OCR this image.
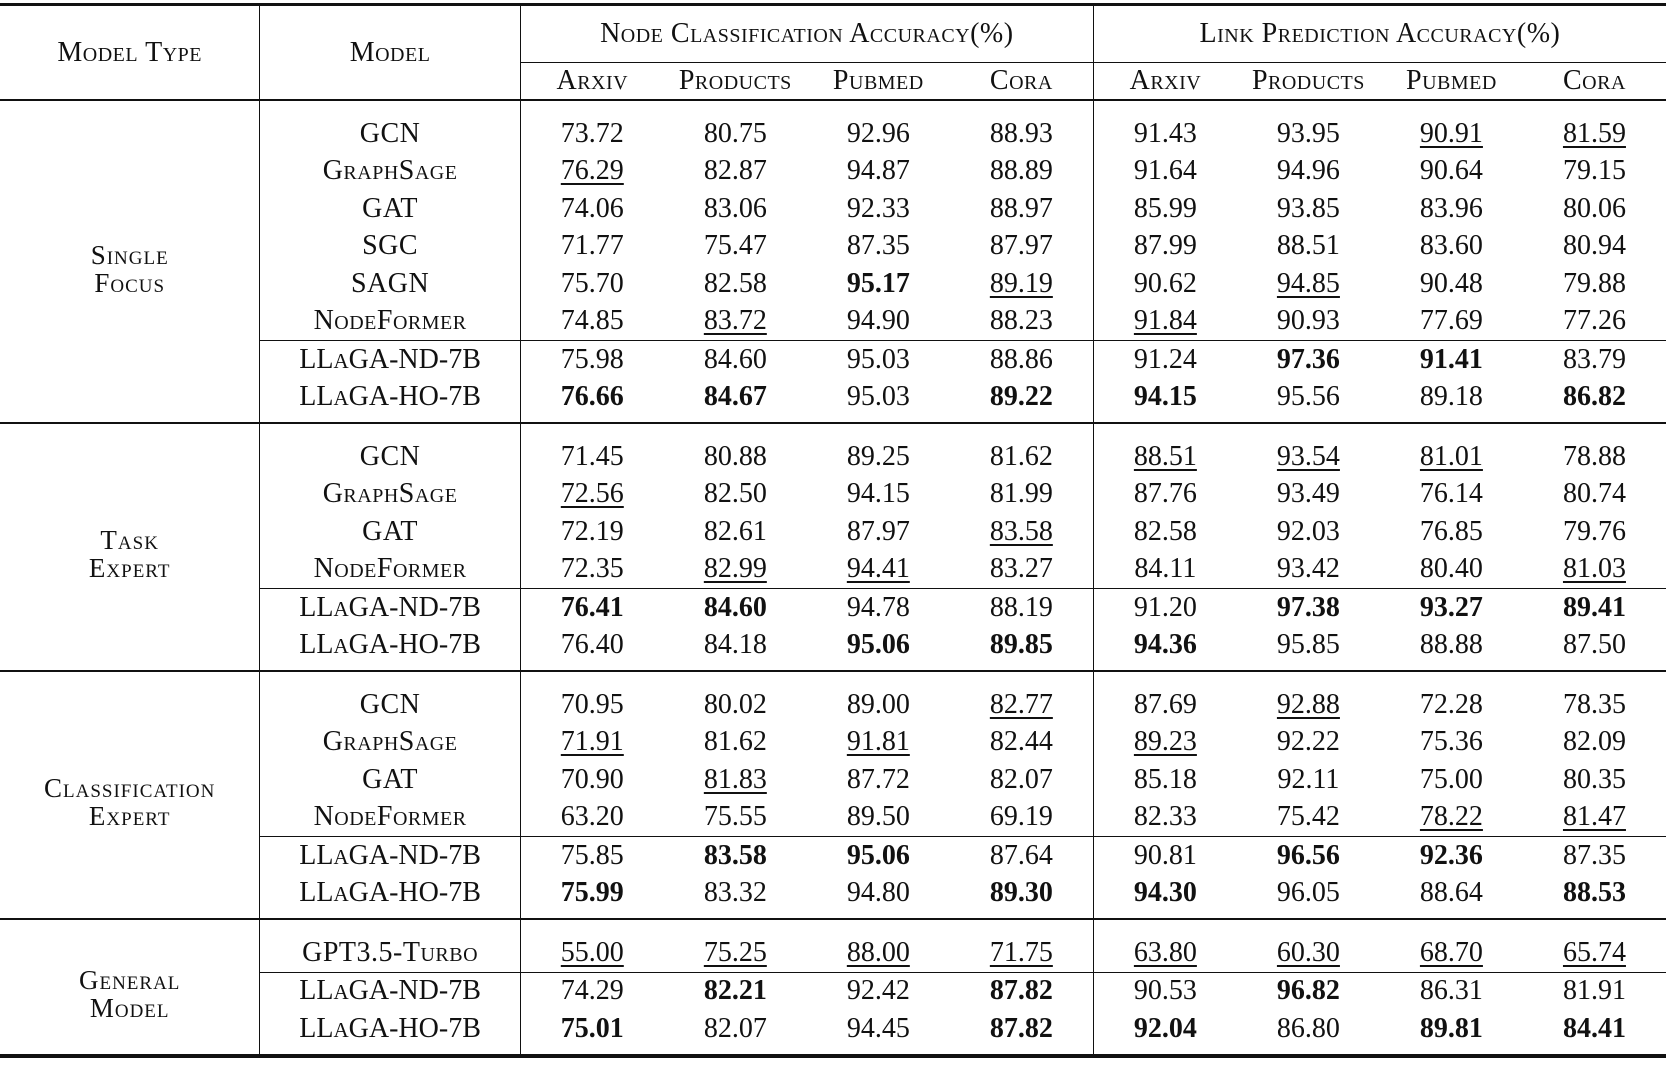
Model Type	Model	Node Classification Accuracy(%)				Link Prediction Accuracy(%)			
		Arxiv	Products	Pubmed	Cora	Arxiv	Products	Pubmed	Cora

Single
Focus	GCN	73.72	80.75	92.96	88.93	91.43	93.95	90.91	81.59
	GraphSage	76.29	82.87	94.87	88.89	91.64	94.96	90.64	79.15
	GAT	74.06	83.06	92.33	88.97	85.99	93.85	83.96	80.06
	SGC	71.77	75.47	87.35	87.97	87.99	88.51	83.60	80.94
	SAGN	75.70	82.58	95.17	89.19	90.62	94.85	90.48	79.88
	NodeFormer	74.85	83.72	94.90	88.23	91.84	90.93	77.69	77.26
	LLAGA-ND-7B	75.98	84.60	95.03	88.86	91.24	97.36	91.41	83.79
	LLAGA-HO-7B	76.66	84.67	95.03	89.22	94.15	95.56	89.18	86.82

Task
Expert	GCN	71.45	80.88	89.25	81.62	88.51	93.54	81.01	78.88
	GraphSage	72.56	82.50	94.15	81.99	87.76	93.49	76.14	80.74
	GAT	72.19	82.61	87.97	83.58	82.58	92.03	76.85	79.76
	NodeFormer	72.35	82.99	94.41	83.27	84.11	93.42	80.40	81.03
	LLAGA-ND-7B	76.41	84.60	94.78	88.19	91.20	97.38	93.27	89.41
	LLAGA-HO-7B	76.40	84.18	95.06	89.85	94.36	95.85	88.88	87.50

Classification
Expert	GCN	70.95	80.02	89.00	82.77	87.69	92.88	72.28	78.35
	GraphSage	71.91	81.62	91.81	82.44	89.23	92.22	75.36	82.09
	GAT	70.90	81.83	87.72	82.07	85.18	92.11	75.00	80.35
	NodeFormer	63.20	75.55	89.50	69.19	82.33	75.42	78.22	81.47
	LLAGA-ND-7B	75.85	83.58	95.06	87.64	90.81	96.56	92.36	87.35
	LLAGA-HO-7B	75.99	83.32	94.80	89.30	94.30	96.05	88.64	88.53

General
Model	GPT3.5-Turbo	55.00	75.25	88.00	71.75	63.80	60.30	68.70	65.74
	LLAGA-ND-7B	74.29	82.21	92.42	87.82	90.53	96.82	86.31	81.91
	LLAGA-HO-7B	75.01	82.07	94.45	87.82	92.04	86.80	89.81	84.41
